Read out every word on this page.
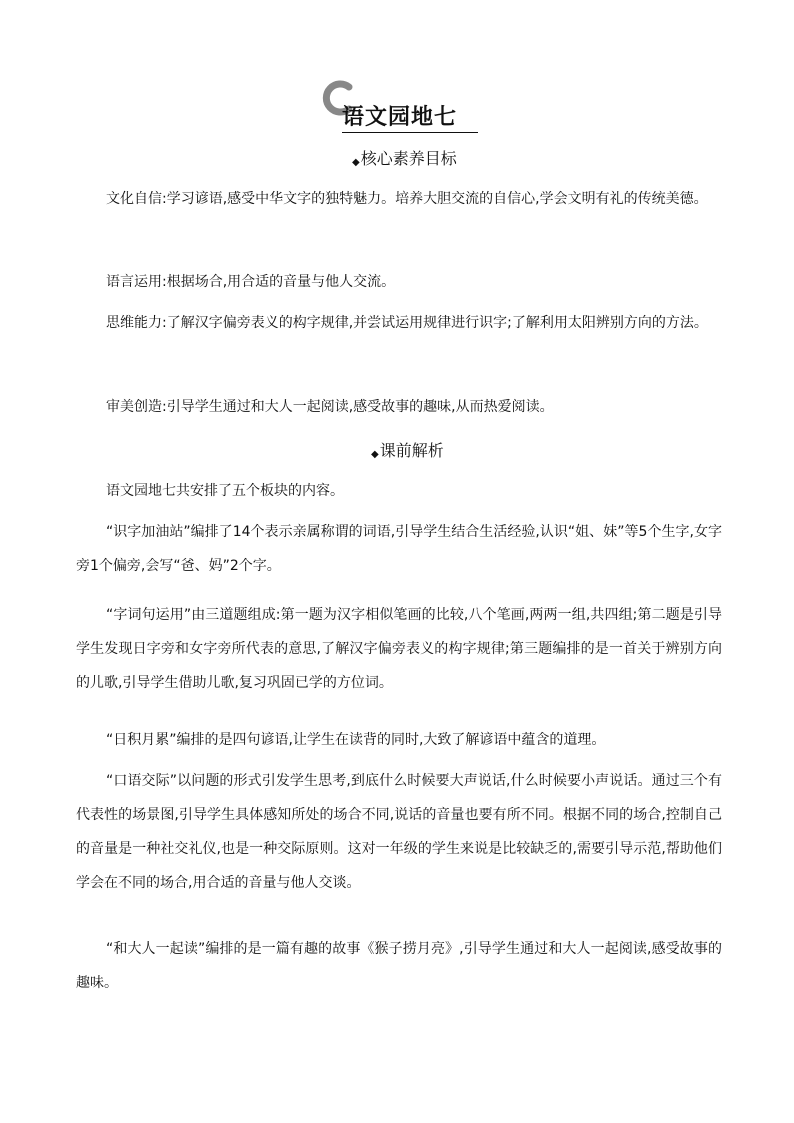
语文园地七
◆核心素养目标

文化自信:学习谚语,感受中华文字的独特魅力。培养大胆交流的自信心,学会文明有礼的传统美德。

语言运用:根据场合,用合适的音量与他人交流。

思维能力:了解汉字偏旁表义的构字规律,并尝试运用规律进行识字;了解利用太阳辨别方向的方法。

审美创造:引导学生通过和大人一起阅读,感受故事的趣味,从而热爱阅读。

◆课前解析

语文园地七共安排了五个板块的内容。

“识字加油站”编排了14个表示亲属称谓的词语,引导学生结合生活经验,认识“姐、妹”等5个生字,女字旁1个偏旁,会写“爸、妈”2个字。

“字词句运用”由三道题组成:第一题为汉字相似笔画的比较,八个笔画,两两一组,共四组;第二题是引导学生发现日字旁和女字旁所代表的意思,了解汉字偏旁表义的构字规律;第三题编排的是一首关于辨别方向的儿歌,引导学生借助儿歌,复习巩固已学的方位词。

“日积月累”编排的是四句谚语,让学生在读背的同时,大致了解谚语中蕴含的道理。

“口语交际”以问题的形式引发学生思考,到底什么时候要大声说话,什么时候要小声说话。通过三个有代表性的场景图,引导学生具体感知所处的场合不同,说话的音量也要有所不同。根据不同的场合,控制自己的音量是一种社交礼仪,也是一种交际原则。这对一年级的学生来说是比较缺乏的,需要引导示范,帮助他们学会在不同的场合,用合适的音量与他人交谈。

“和大人一起读”编排的是一篇有趣的故事《猴子捞月亮》,引导学生通过和大人一起阅读,感受故事的趣味。
